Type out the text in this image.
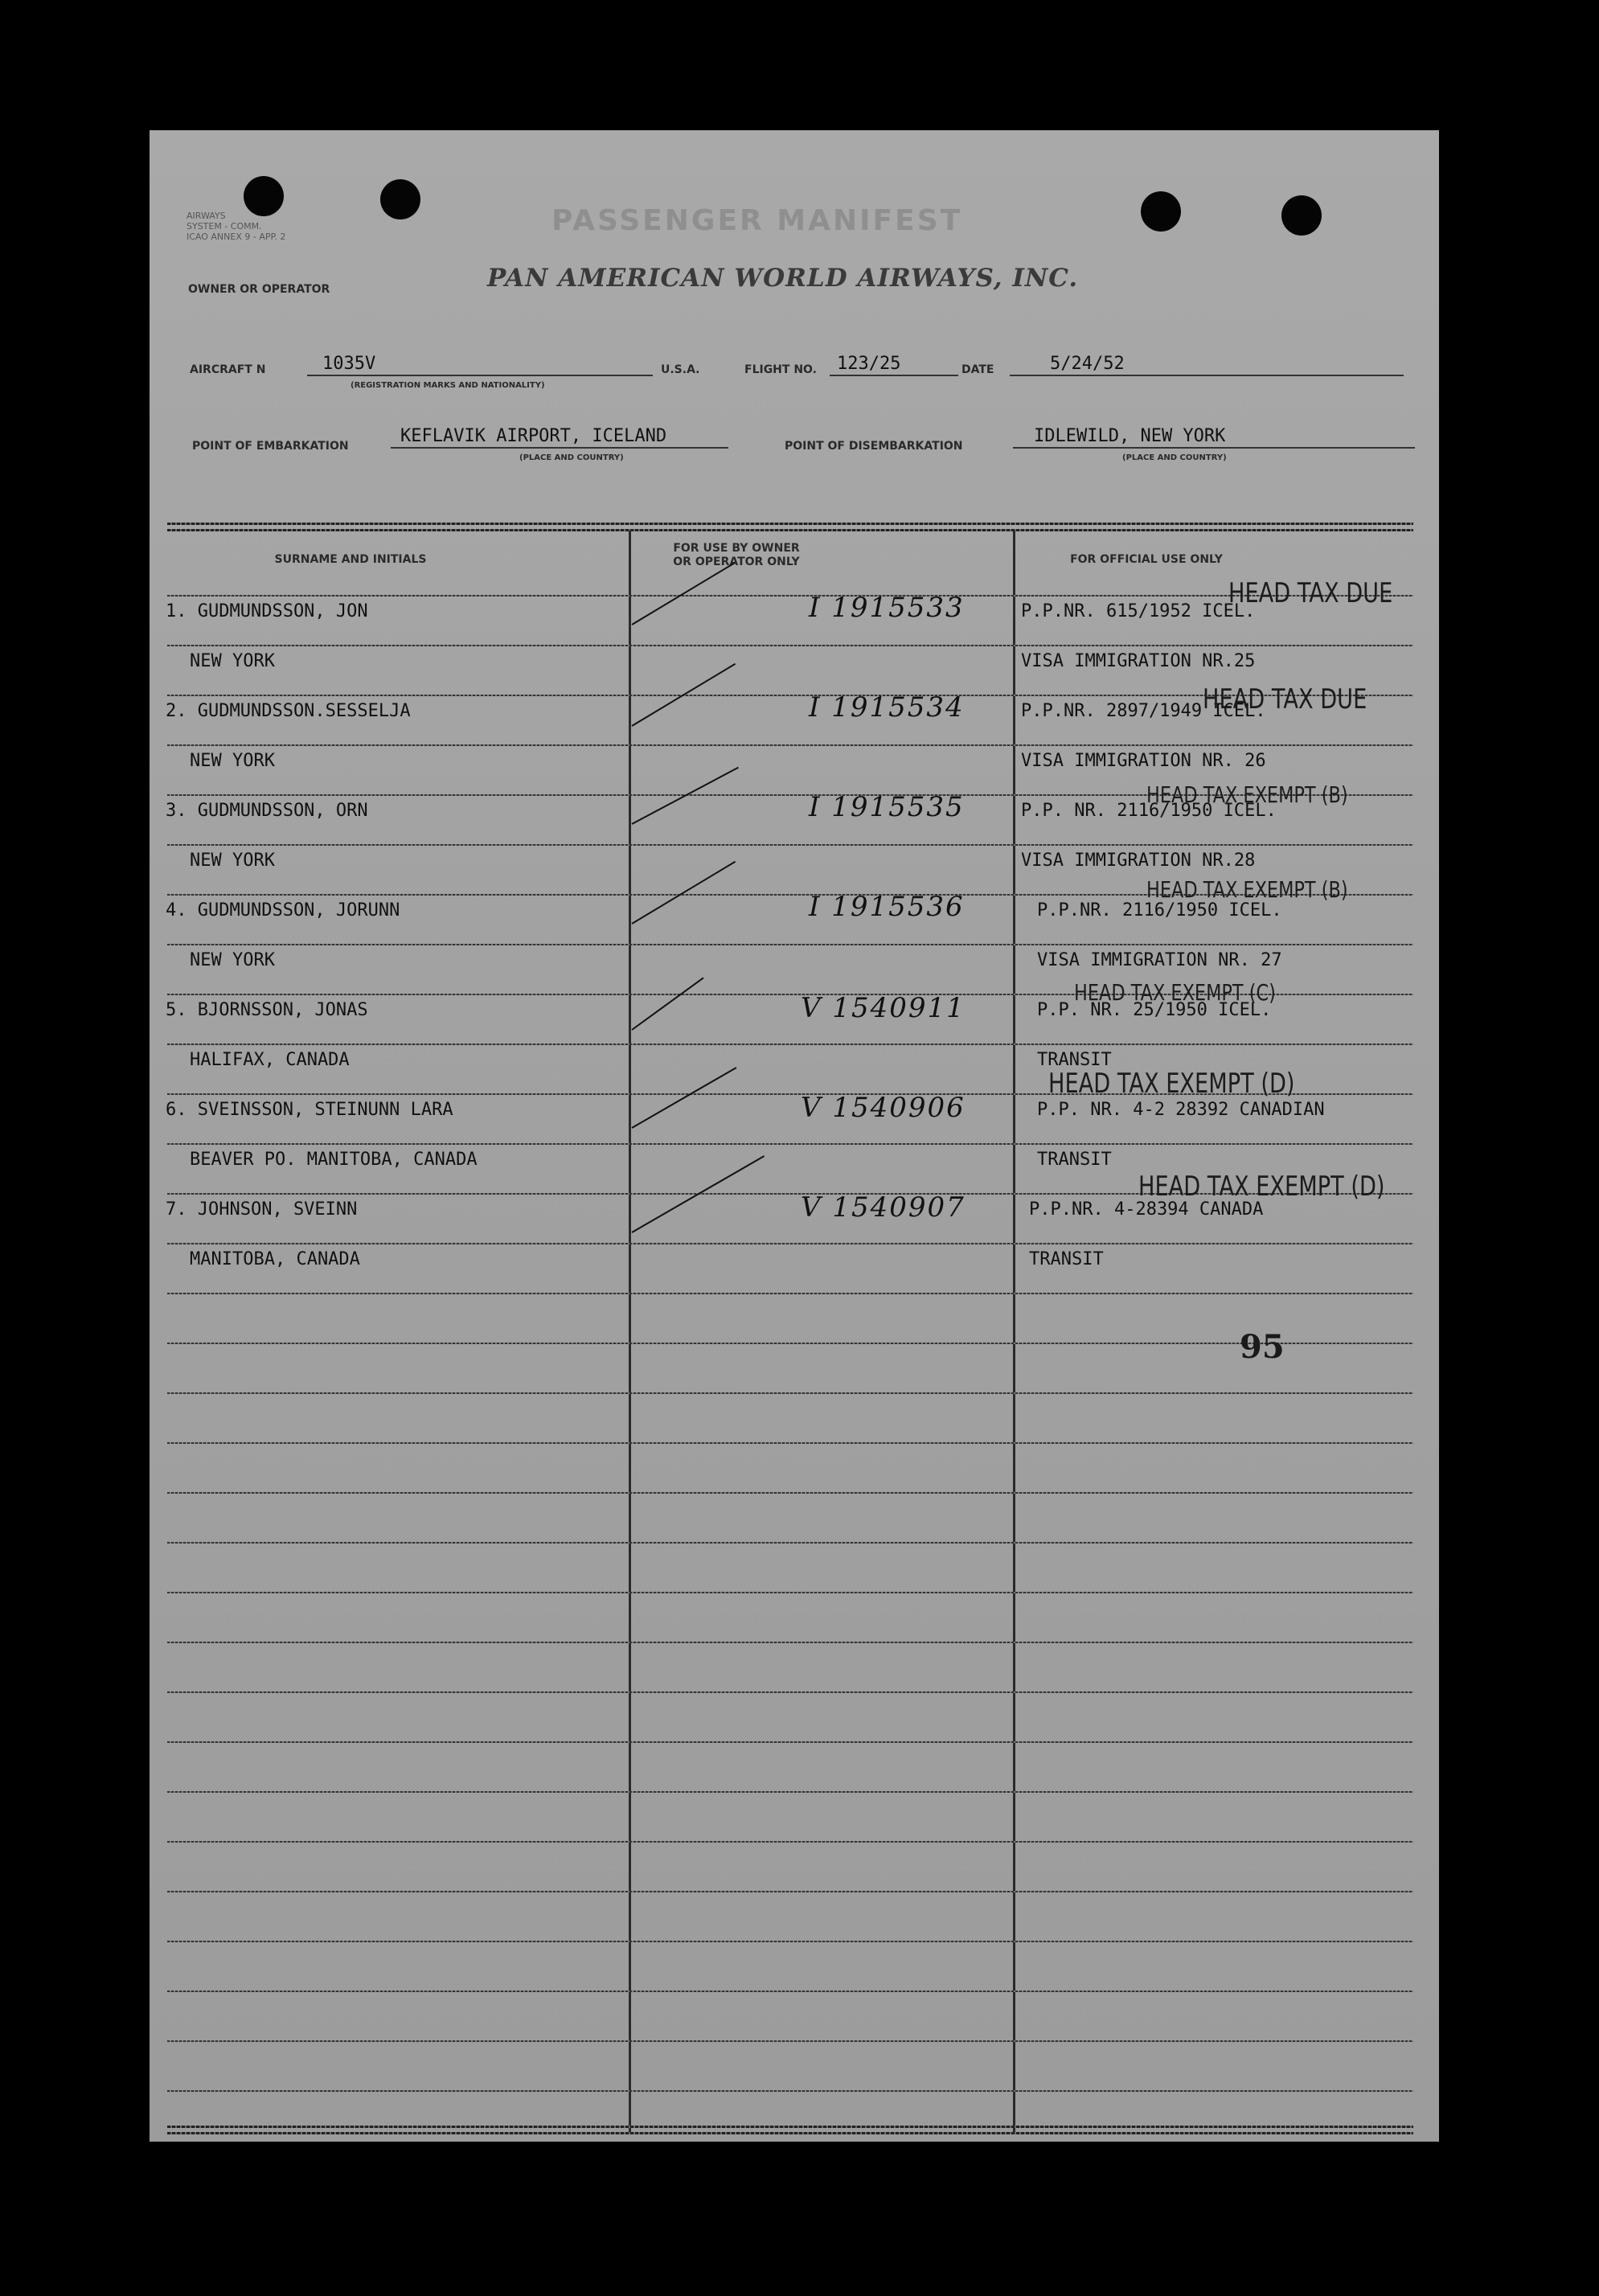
AIRWAYS
SYSTEM - COMM.
ICAO ANNEX 9 - APP. 2	PASSENGER MANIFEST
OWNER OR OPERATOR	PAN AMERICAN WORLD AIRWAYS, INC.
AIRCRAFT N	1035V
(REGISTRATION MARKS AND NATIONALITY)
U.S.A.	FLIGHT NO. 123/25	DATE	5/24/52
POINT OF EMBARKATION	KEFLAVIK AIRPORT, ICELAND
(PLACE AND COUNTRY)
POINT OF DISEMBARKATION	IDLEWILD, NEW YORK
(PLACE AND COUNTRY)
SURNAME AND INITIALS
FOR USE BY OWNER
OR OPERATOR ONLY	FOR OFFICIAL USE ONLY
1. GUDMUNDSSON, JON
NEW YORK
I 1915533	P.P.NR. 615/1952 ICEL.
VISA IMMIGRATION NR.25
HEAD TAX DUE
2. GUDMUNDSSON.SESSELJA
NEW YORK
I 1915534	P.P.NR. 2897/1949 ICEL.
VISA IMMIGRATION NR. 26
HEAD TAX DUE
3. GUDMUNDSSON, ORN
NEW YORK
I 1915535	P.P. NR. 2116/1950 ICEL.
VISA IMMIGRATION NR.28
HEAD TAX EXEMPT (B)
4. GUDMUNDSSON, JORUNN
NEW YORK
I 1915536	P.P.NR. 2116/1950 ICEL.
VISA IMMIGRATION NR. 27
HEAD TAX EXEMPT (B)
5. BJORNSSON, JONAS
HALIFAX, CANADA
V 1540911	P.P. NR. 25/1950 ICEL.
TRANSIT
HEAD TAX EXEMPT (C)
6. SVEINSSON, STEINUNN LARA
BEAVER PO. MANITOBA, CANADA
V 1540906	P.P. NR. 4-2 28392 CANADIAN
TRANSIT
HEAD TAX EXEMPT (D)
7. JOHNSON, SVEINN
MANITOBA, CANADA
V 1540907	P.P.NR. 4-28394 CANADA
TRANSIT
HEAD TAX EXEMPT (D)
95
